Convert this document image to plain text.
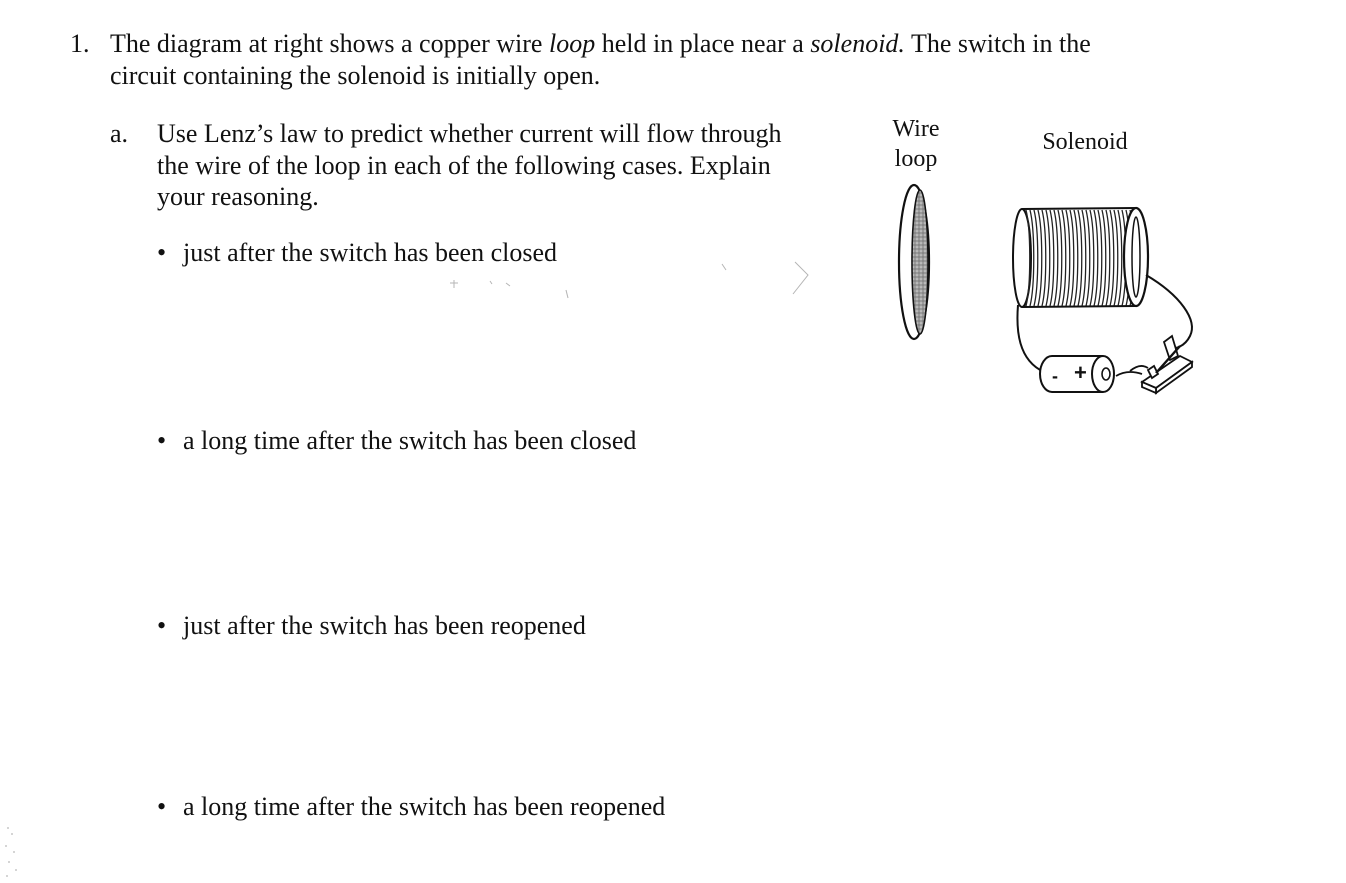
1. The diagram at right shows a copper wire loop held in place near a solenoid. The switch in the
circuit containing the solenoid is initially open.
a. Use Lenz’s law to predict whether current will flow through
the wire of the loop in each of the following cases. Explain
your reasoning.
• just after the switch has been closed
• a long time after the switch has been closed
• just after the switch has been reopened
• a long time after the switch has been reopened
Wire
loop
Solenoid
- +
